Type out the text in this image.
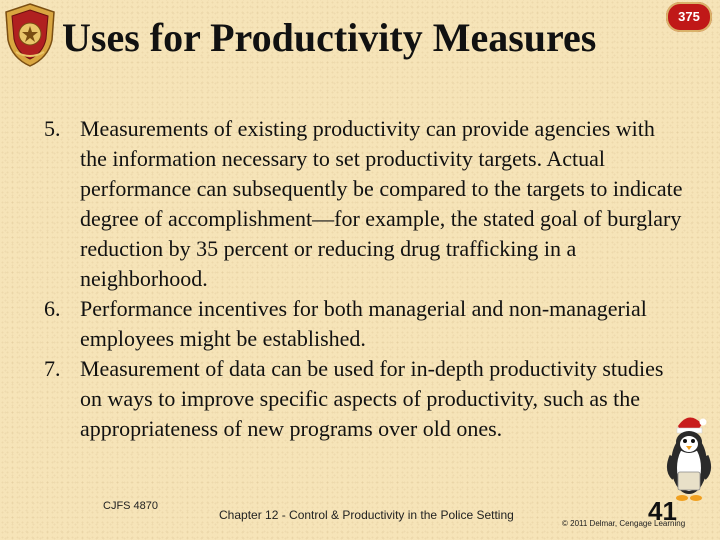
Uses for Productivity Measures	375
5. Measurements of existing productivity can provide agencies with the information necessary to set productivity targets. Actual performance can subsequently be compared to the targets to indicate degree of accomplishment—for example, the stated goal of burglary reduction by 35 percent or reducing drug trafficking in a neighborhood.
6. Performance incentives for both managerial and non-managerial employees might be established.
7. Measurement of data can be used for in-depth productivity studies on ways to improve specific aspects of productivity, such as the appropriateness of new programs over old ones.
CJFS 4870
Chapter 12 - Control & Productivity in the Police Setting	41
© 2011 Delmar, Cengage Learning
